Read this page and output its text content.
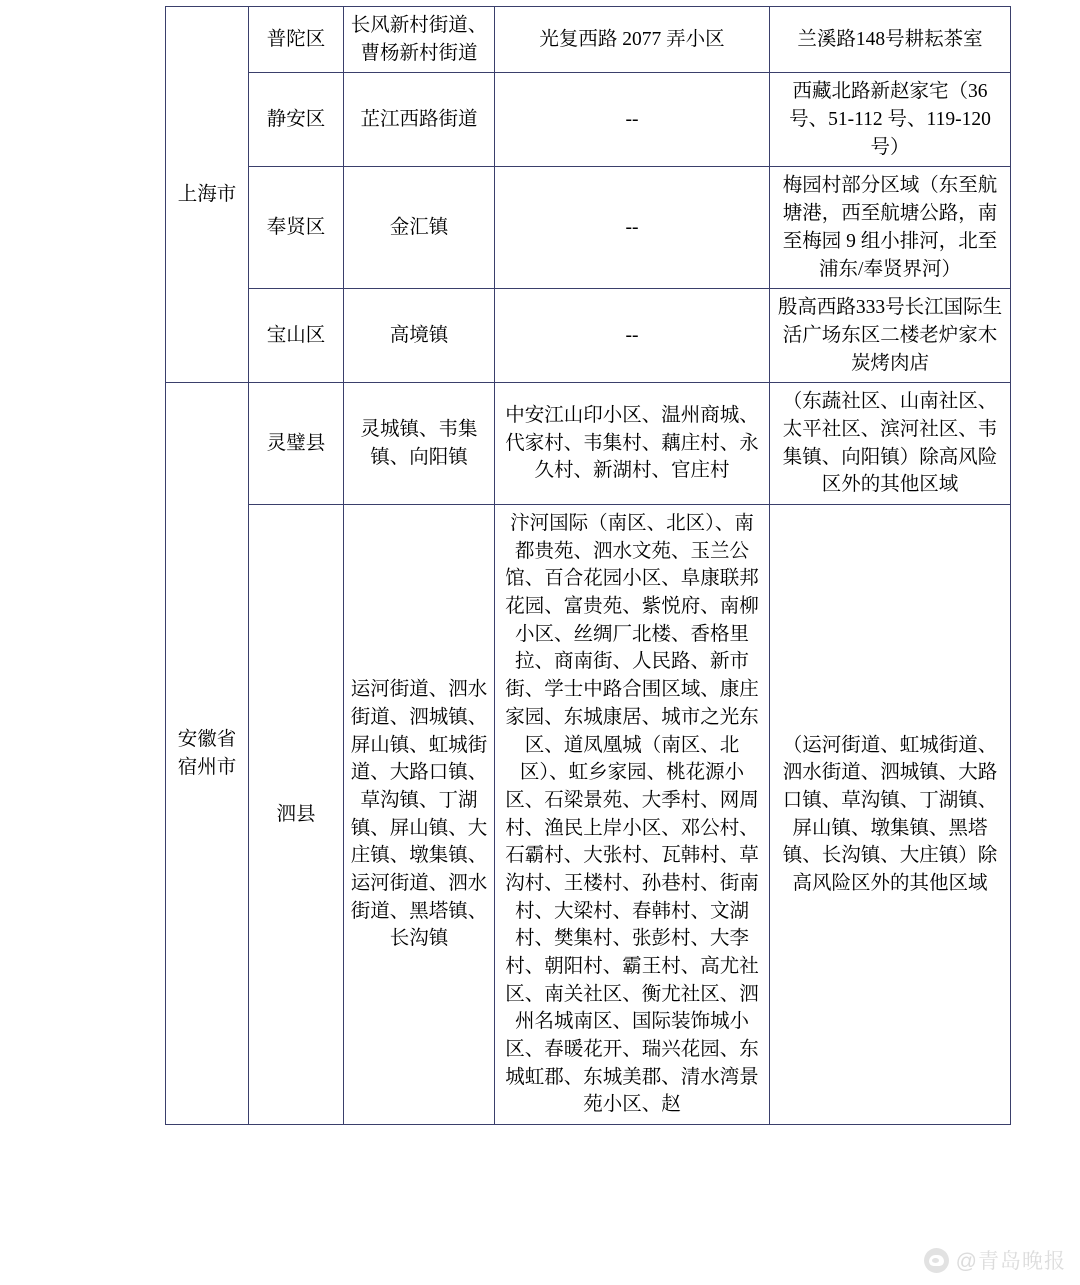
上海市	普陀区	长风新村街道、曹杨新村街道	光复西路 2077 弄小区	兰溪路148号耕耘茶室

	静安区	芷江西路街道	--	西藏北路新赵家宅（36号、51-112 号、119-120 号）

	奉贤区	金汇镇	--	梅园村部分区域（东至航塘港，西至航塘公路，南至梅园 9 组小排河，北至浦东/奉贤界河）

	宝山区	高境镇	--	殷高西路333号长江国际生活广场东区二楼老炉家木炭烤肉店

安徽省宿州市	灵璧县	灵城镇、韦集镇、向阳镇	中安江山印小区、温州商城、代家村、韦集村、藕庄村、永久村、新湖村、官庄村	（东蔬社区、山南社区、太平社区、滨河社区、韦集镇、向阳镇）除高风险区外的其他区域

	泗县	运河街道、泗水街道、泗城镇、屏山镇、虹城街道、大路口镇、草沟镇、丁湖镇、屏山镇、大庄镇、墩集镇、运河街道、泗水街道、黑塔镇、长沟镇	汴河国际（南区、北区）、南都贵苑、泗水文苑、玉兰公馆、百合花园小区、阜康联邦花园、富贵苑、紫悦府、南柳小区、丝绸厂北楼、香格里拉、商南街、人民路、新市街、学士中路合围区域、康庄家园、东城康居、城市之光东区、道凤凰城（南区、北区）、虹乡家园、桃花源小区、石梁景苑、大季村、网周村、渔民上岸小区、邓公村、石霸村、大张村、瓦韩村、草沟村、王楼村、孙巷村、街南村、大梁村、春韩村、文湖村、樊集村、张彭村、大李村、朝阳村、霸王村、高尤社区、南关社区、衡尤社区、泗州名城南区、国际装饰城小区、春暖花开、瑞兴花园、东城虹郡、东城美郡、清水湾景苑小区、赵	（运河街道、虹城街道、泗水街道、泗城镇、大路口镇、草沟镇、丁湖镇、屏山镇、墩集镇、黑塔镇、长沟镇、大庄镇）除高风险区外的其他区域
@青岛晚报
